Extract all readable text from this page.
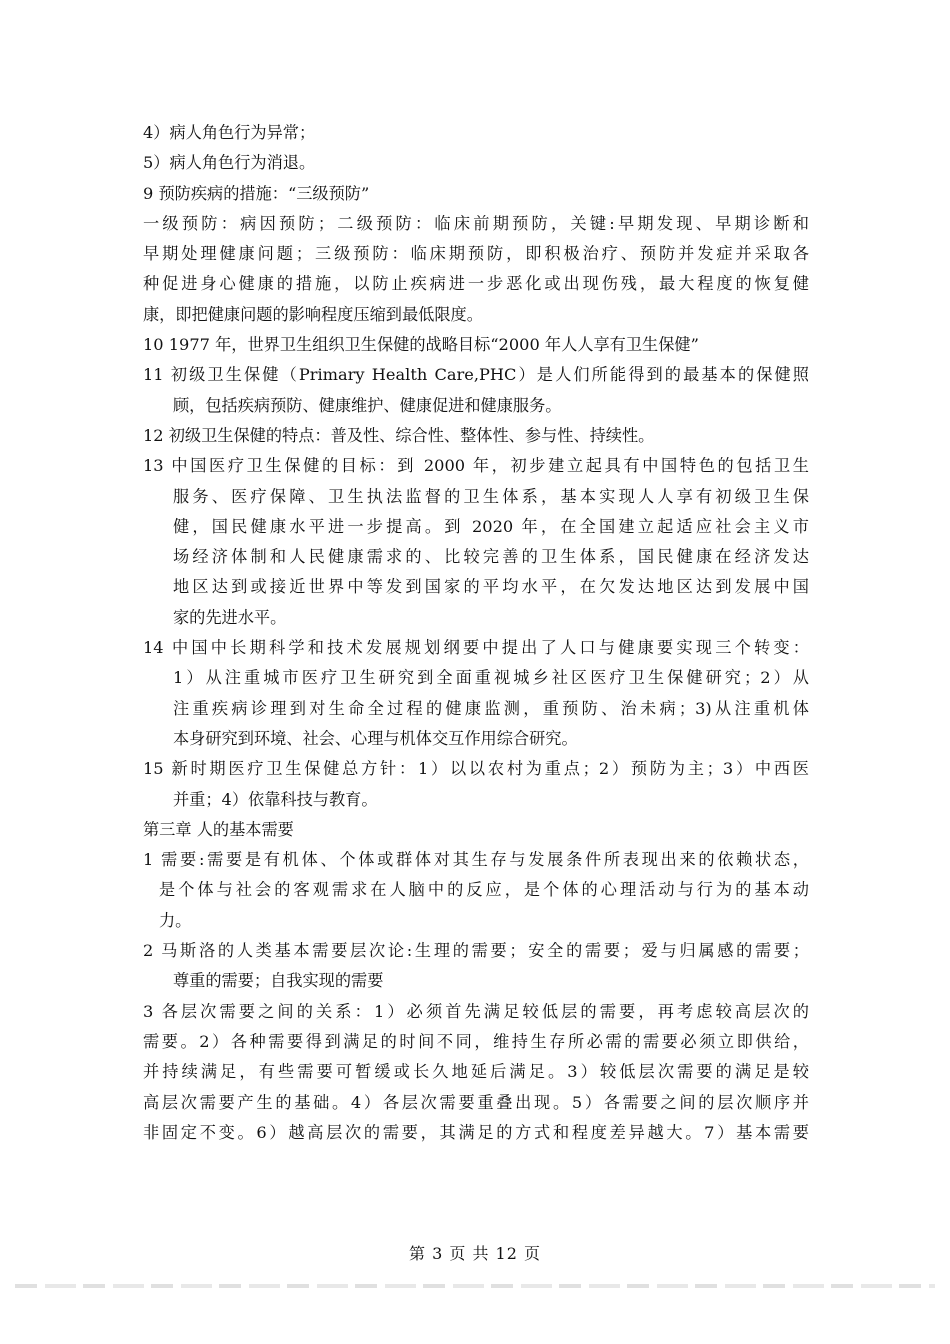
4）病人角色行为异常；
5）病人角色行为消退。
9 预防疾病的措施：“三级预防”
一级预防：病因预防；二级预防：临床前期预防，关键:早期发现、早期诊断和
早期处理健康问题；三级预防：临床期预防，即积极治疗、预防并发症并采取各
种促进身心健康的措施，以防止疾病进一步恶化或出现伤残，最大程度的恢复健
康，即把健康问题的影响程度压缩到最低限度。
10 1977 年，世界卫生组织卫生保健的战略目标“2000 年人人享有卫生保健”
11 初级卫生保健（Primary Health Care,PHC）是人们所能得到的最基本的保健照
顾，包括疾病预防、健康维护、健康促进和健康服务。
12 初级卫生保健的特点：普及性、综合性、整体性、参与性、持续性。
13 中国医疗卫生保健的目标：到 2000 年，初步建立起具有中国特色的包括卫生
服务、医疗保障、卫生执法监督的卫生体系，基本实现人人享有初级卫生保
健，国民健康水平进一步提高。到 2020 年，在全国建立起适应社会主义市
场经济体制和人民健康需求的、比较完善的卫生体系，国民健康在经济发达
地区达到或接近世界中等发到国家的平均水平，在欠发达地区达到发展中国
家的先进水平。
14 中国中长期科学和技术发展规划纲要中提出了人口与健康要实现三个转变：
1）从注重城市医疗卫生研究到全面重视城乡社区医疗卫生保健研究；2）从
注重疾病诊理到对生命全过程的健康监测，重预防、治未病；3)从注重机体
本身研究到环境、社会、心理与机体交互作用综合研究。
15 新时期医疗卫生保健总方针：1）以以农村为重点；2）预防为主；3）中西医
并重；4）依靠科技与教育。
第三章 人的基本需要
1 需要:需要是有机体、个体或群体对其生存与发展条件所表现出来的依赖状态，
是个体与社会的客观需求在人脑中的反应，是个体的心理活动与行为的基本动
力。
2 马斯洛的人类基本需要层次论:生理的需要；安全的需要；爱与归属感的需要；
尊重的需要；自我实现的需要
3 各层次需要之间的关系：1）必须首先满足较低层的需要，再考虑较高层次的
需要。2）各种需要得到满足的时间不同，维持生存所必需的需要必须立即供给，
并持续满足，有些需要可暂缓或长久地延后满足。3）较低层次需要的满足是较
高层次需要产生的基础。4）各层次需要重叠出现。5）各需要之间的层次顺序并
非固定不变。6）越高层次的需要，其满足的方式和程度差异越大。7）基本需要
第 3 页 共 12 页
